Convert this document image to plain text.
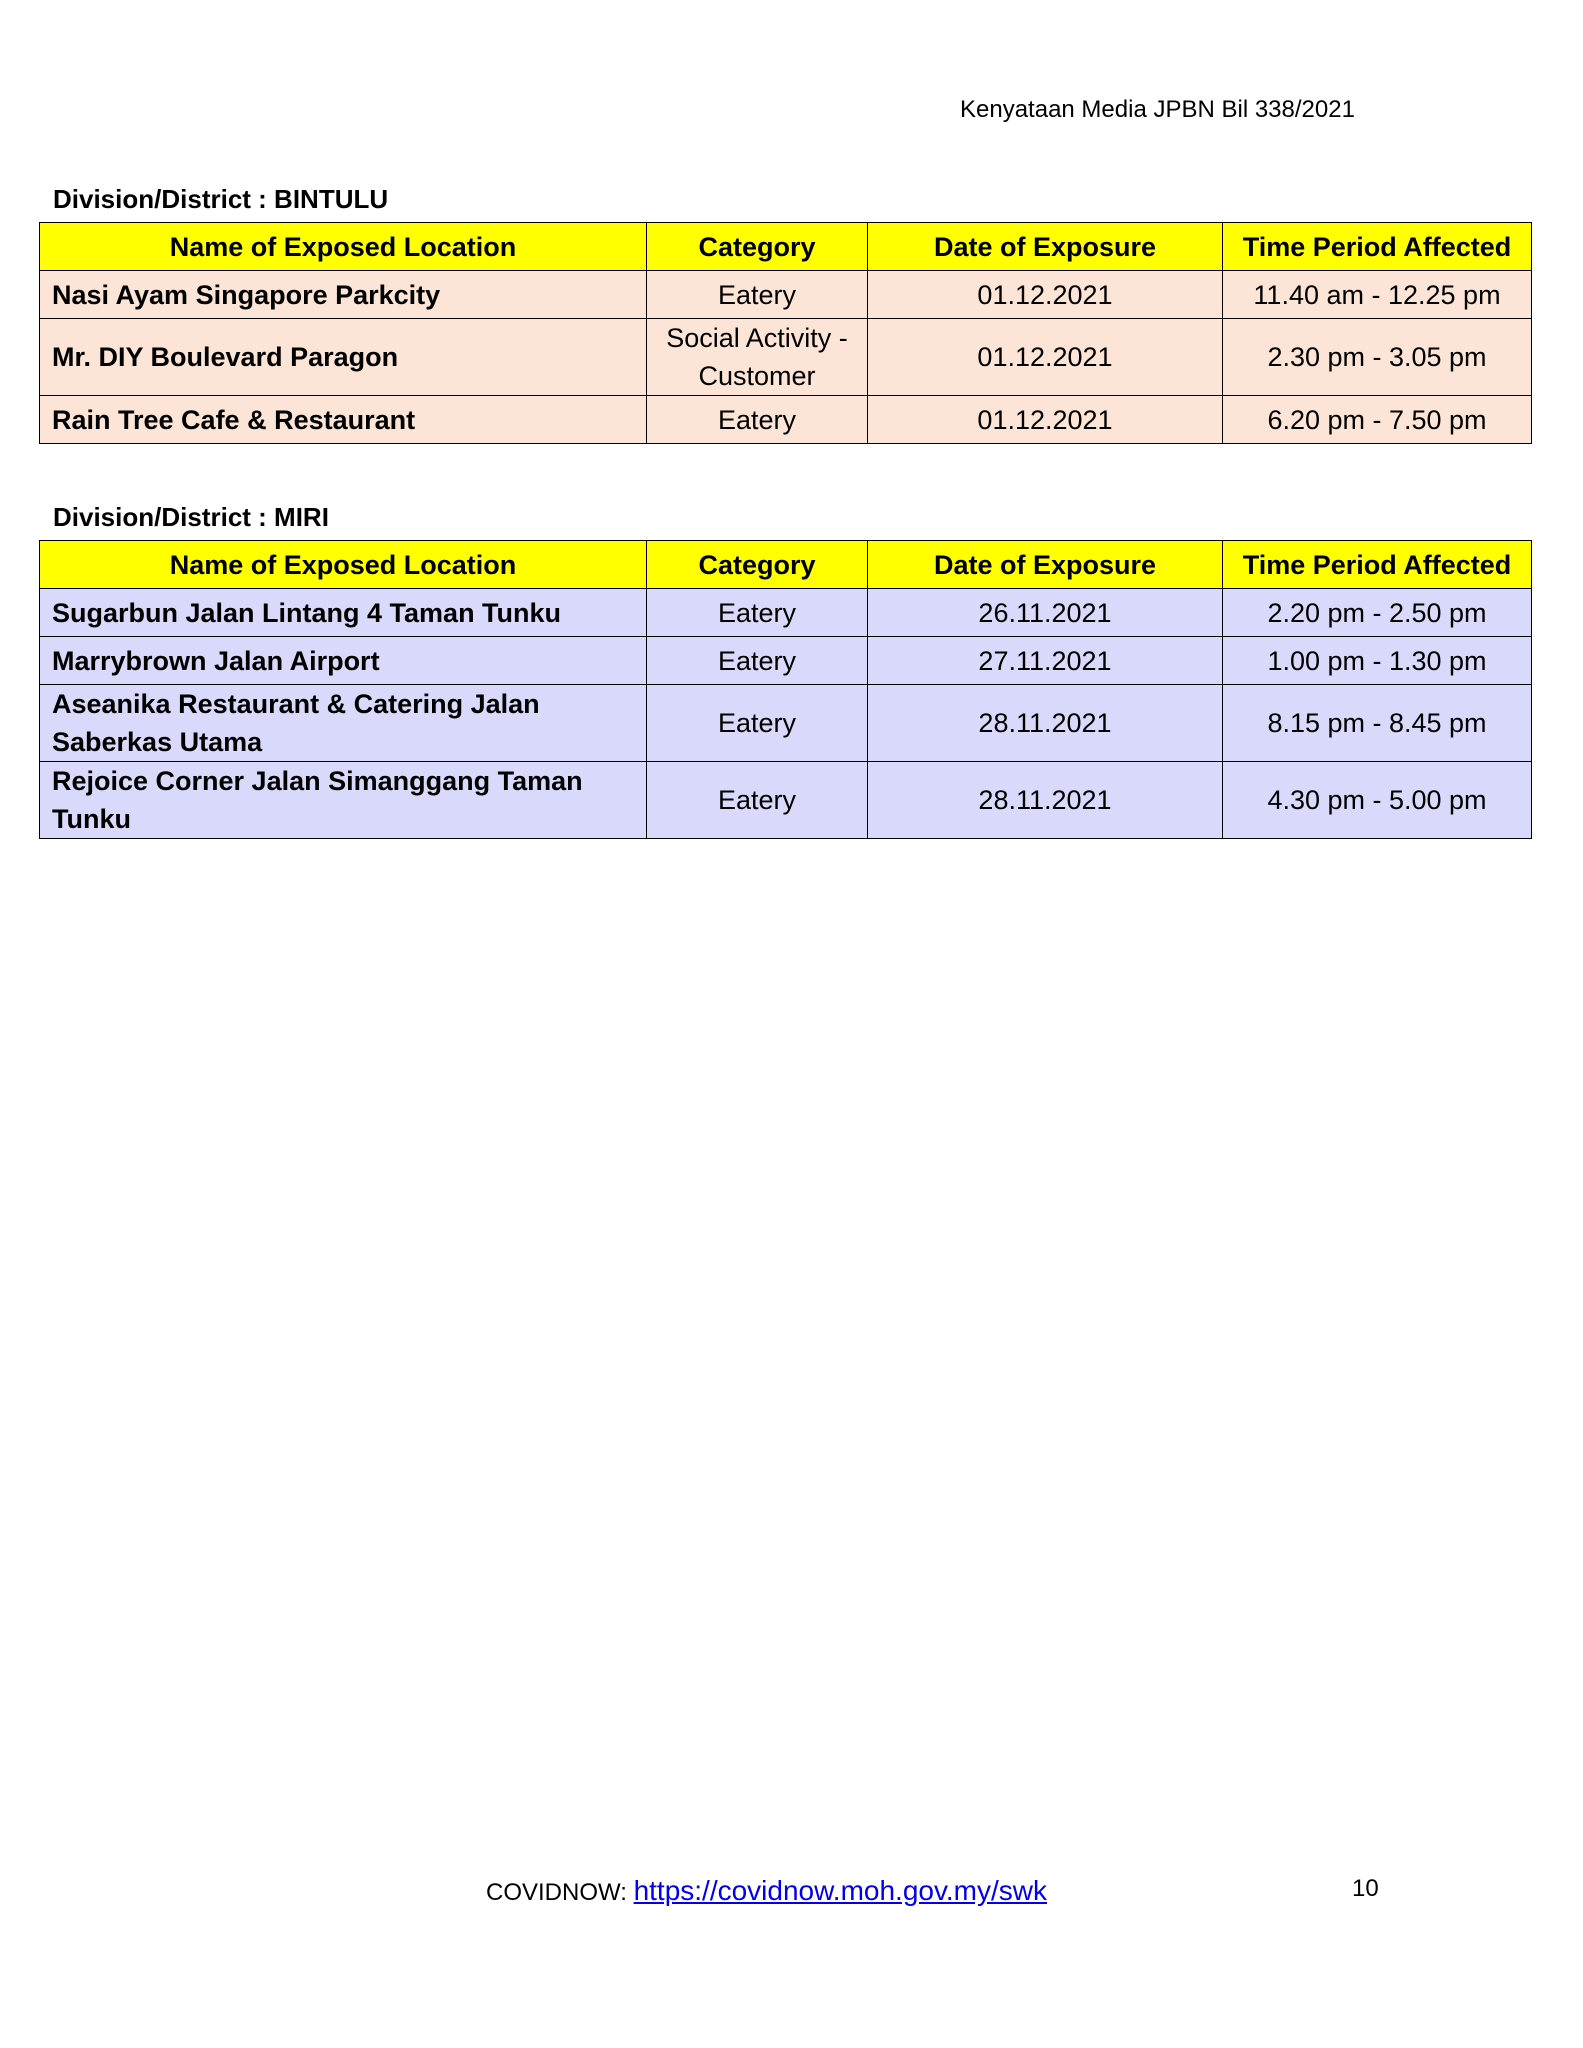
Kenyataan Media JPBN Bil 338/2021
Division/District : BINTULU
Name of Exposed Location	Category	Date of Exposure	Time Period Affected
Nasi Ayam Singapore Parkcity	Eatery	01.12.2021	11.40 am - 12.25 pm
Mr. DIY Boulevard Paragon	Social Activity - Customer	01.12.2021	2.30 pm - 3.05 pm
Rain Tree Cafe & Restaurant	Eatery	01.12.2021	6.20 pm - 7.50 pm
Division/District : MIRI
Name of Exposed Location	Category	Date of Exposure	Time Period Affected
Sugarbun Jalan Lintang 4 Taman Tunku	Eatery	26.11.2021	2.20 pm - 2.50 pm
Marrybrown Jalan Airport	Eatery	27.11.2021	1.00 pm - 1.30 pm
Aseanika Restaurant & Catering Jalan Saberkas Utama	Eatery	28.11.2021	8.15 pm - 8.45 pm
Rejoice Corner Jalan Simanggang Taman Tunku	Eatery	28.11.2021	4.30 pm - 5.00 pm
COVIDNOW: https://covidnow.moh.gov.my/swk	10
